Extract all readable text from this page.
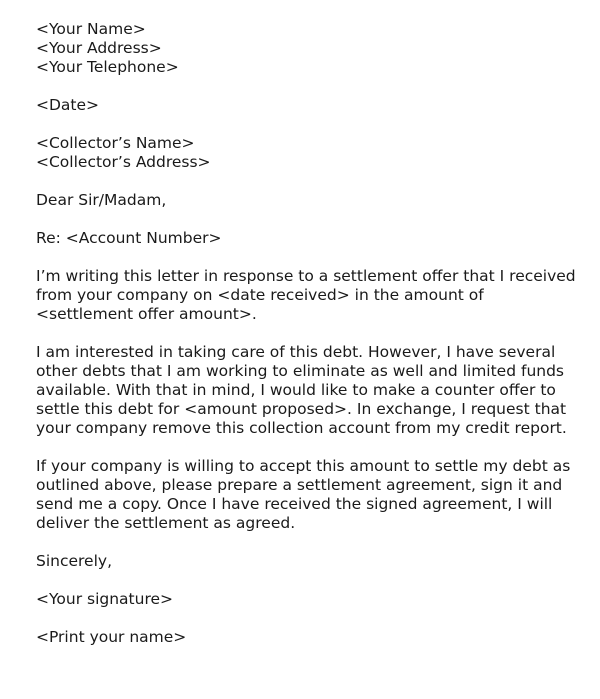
<Your Name>
<Your Address>
<Your Telephone>
<Date>
<Collector’s Name>
<Collector’s Address>
Dear Sir/Madam,
Re: <Account Number>
I’m writing this letter in response to a settlement offer that I received
from your company on <date received> in the amount of
<settlement offer amount>.
I am interested in taking care of this debt. However, I have several
other debts that I am working to eliminate as well and limited funds
available. With that in mind, I would like to make a counter offer to
settle this debt for <amount proposed>. In exchange, I request that
your company remove this collection account from my credit report.
If your company is willing to accept this amount to settle my debt as
outlined above, please prepare a settlement agreement, sign it and
send me a copy. Once I have received the signed agreement, I will
deliver the settlement as agreed.
Sincerely,
<Your signature>
<Print your name>
